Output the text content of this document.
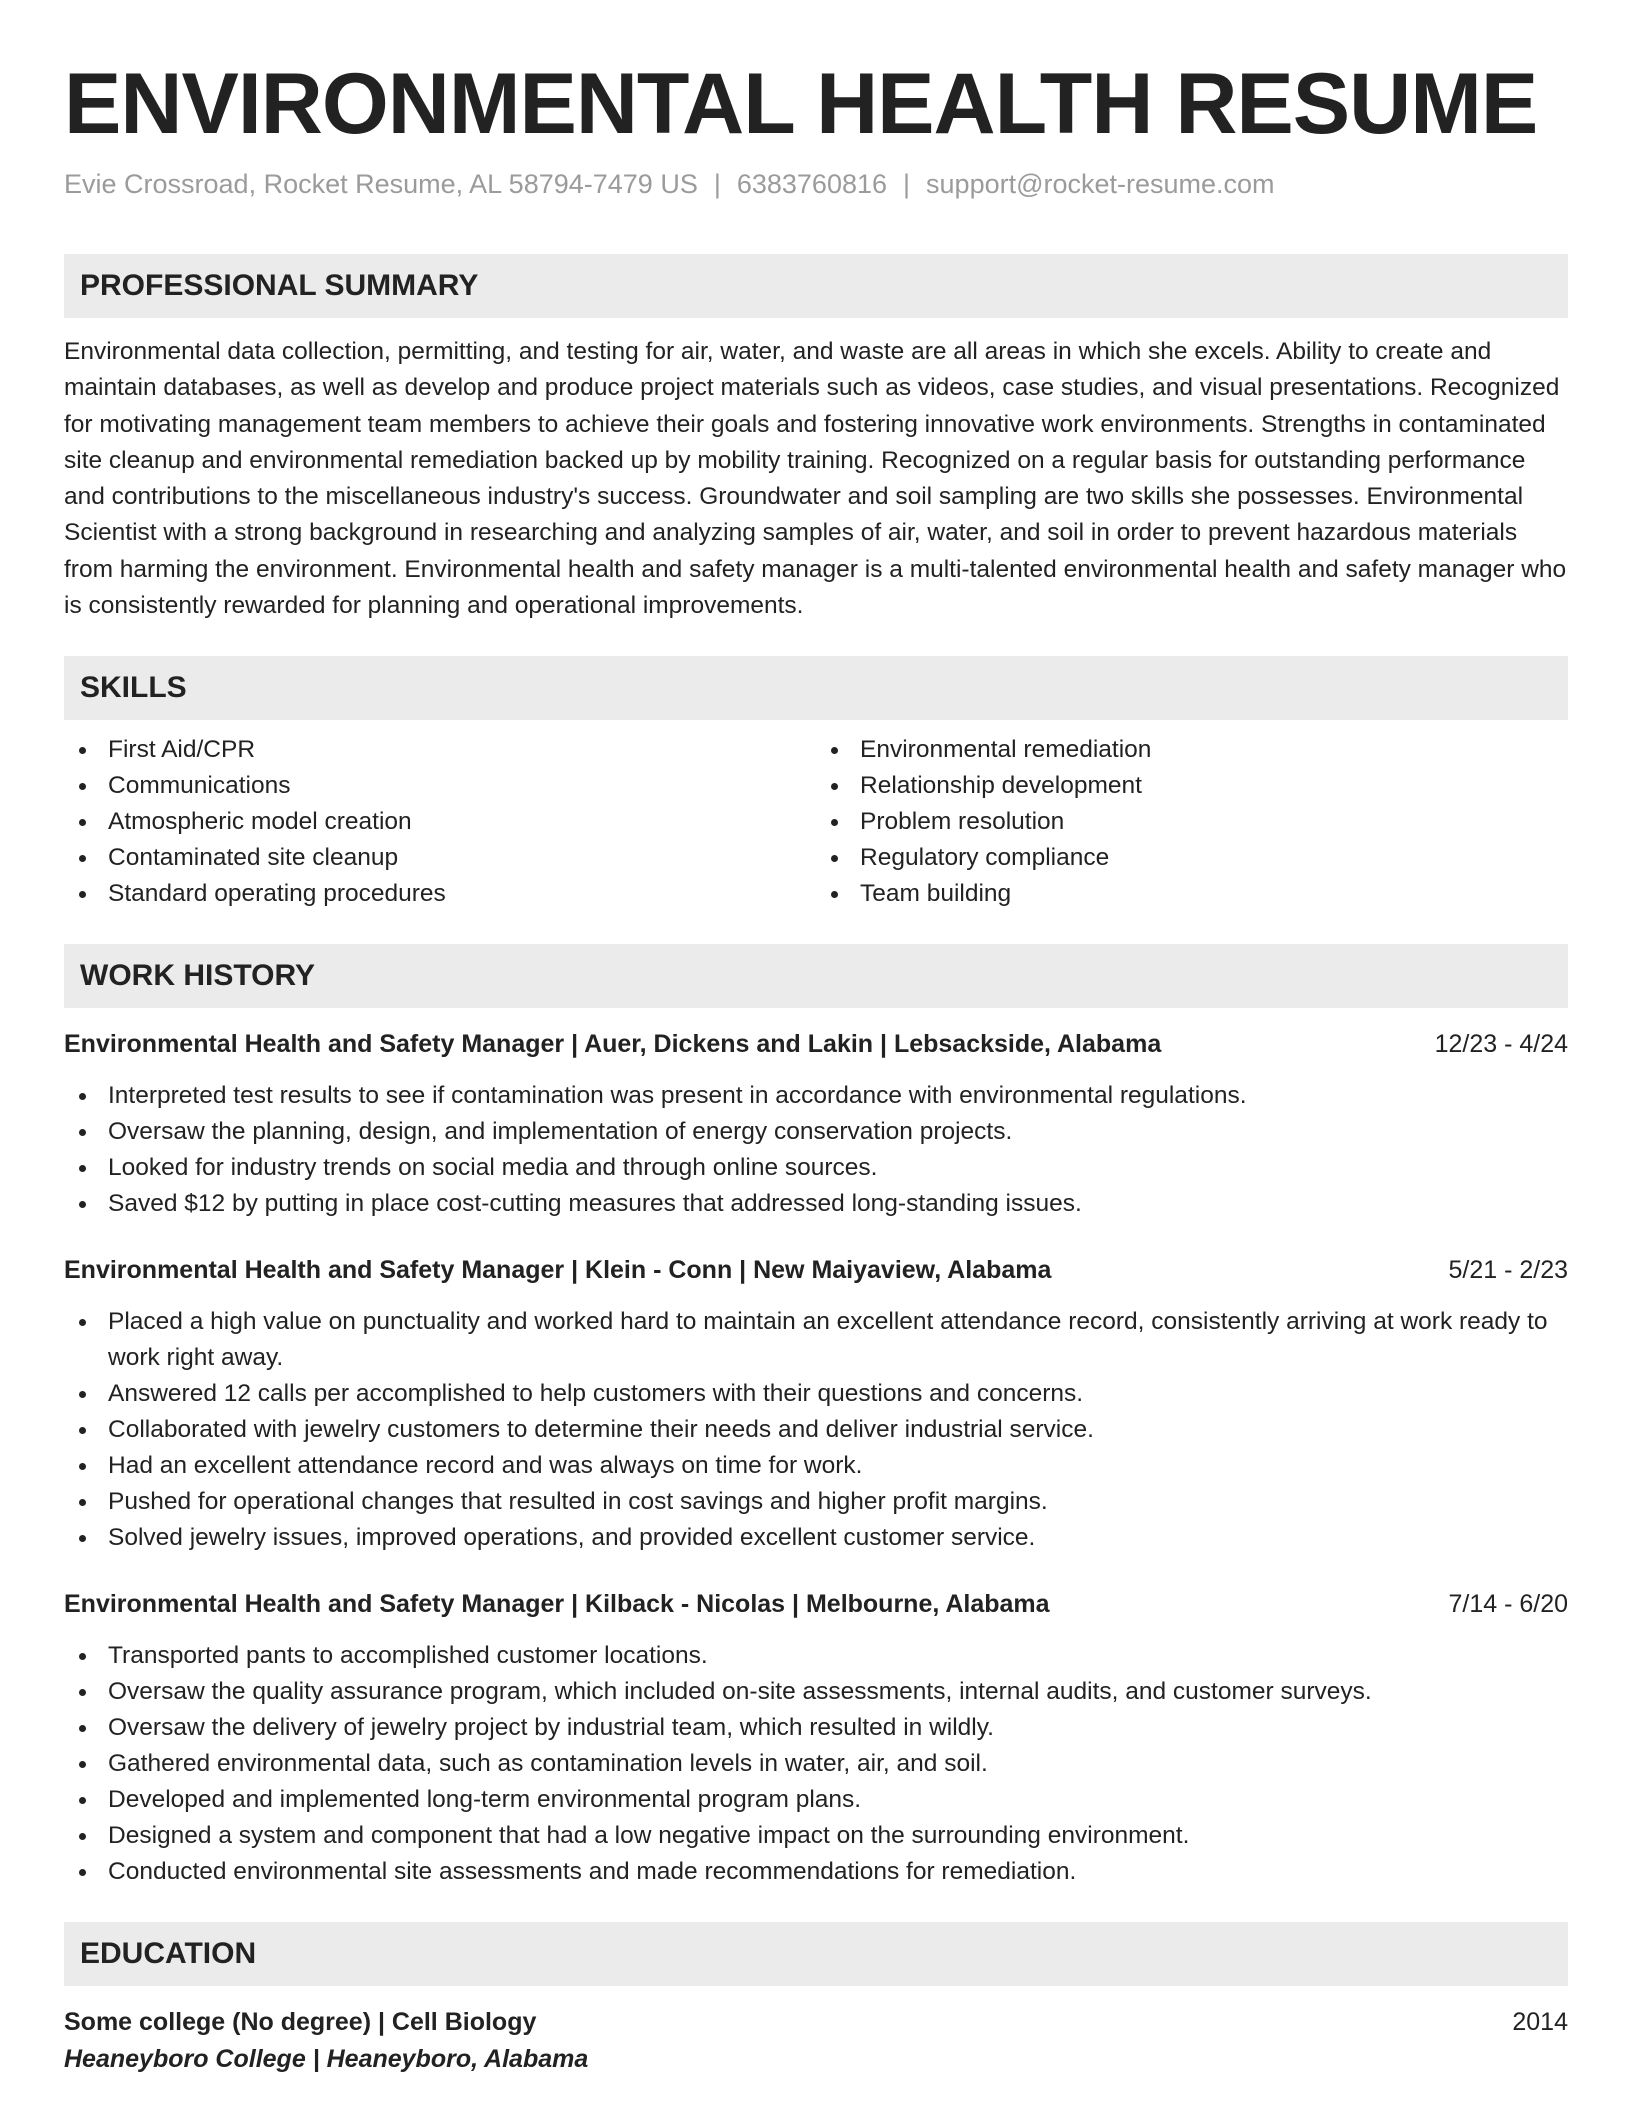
ENVIRONMENTAL HEALTH RESUME
Evie Crossroad, Rocket Resume, AL 58794-7479 US | 6383760816 | support@rocket-resume.com
PROFESSIONAL SUMMARY
Environmental data collection, permitting, and testing for air, water, and waste are all areas in which she excels. Ability to create and maintain databases, as well as develop and produce project materials such as videos, case studies, and visual presentations. Recognized for motivating management team members to achieve their goals and fostering innovative work environments. Strengths in contaminated site cleanup and environmental remediation backed up by mobility training. Recognized on a regular basis for outstanding performance and contributions to the miscellaneous industry's success. Groundwater and soil sampling are two skills she possesses. Environmental Scientist with a strong background in researching and analyzing samples of air, water, and soil in order to prevent hazardous materials from harming the environment. Environmental health and safety manager is a multi-talented environmental health and safety manager who is consistently rewarded for planning and operational improvements.
SKILLS
First Aid/CPR
Communications
Atmospheric model creation
Contaminated site cleanup
Standard operating procedures
Environmental remediation
Relationship development
Problem resolution
Regulatory compliance
Team building
WORK HISTORY
Environmental Health and Safety Manager | Auer, Dickens and Lakin | Lebsackside, Alabama	12/23 - 4/24
Interpreted test results to see if contamination was present in accordance with environmental regulations.
Oversaw the planning, design, and implementation of energy conservation projects.
Looked for industry trends on social media and through online sources.
Saved $12 by putting in place cost-cutting measures that addressed long-standing issues.
Environmental Health and Safety Manager | Klein - Conn | New Maiyaview, Alabama	5/21 - 2/23
Placed a high value on punctuality and worked hard to maintain an excellent attendance record, consistently arriving at work ready to work right away.
Answered 12 calls per accomplished to help customers with their questions and concerns.
Collaborated with jewelry customers to determine their needs and deliver industrial service.
Had an excellent attendance record and was always on time for work.
Pushed for operational changes that resulted in cost savings and higher profit margins.
Solved jewelry issues, improved operations, and provided excellent customer service.
Environmental Health and Safety Manager | Kilback - Nicolas | Melbourne, Alabama	7/14 - 6/20
Transported pants to accomplished customer locations.
Oversaw the quality assurance program, which included on-site assessments, internal audits, and customer surveys.
Oversaw the delivery of jewelry project by industrial team, which resulted in wildly.
Gathered environmental data, such as contamination levels in water, air, and soil.
Developed and implemented long-term environmental program plans.
Designed a system and component that had a low negative impact on the surrounding environment.
Conducted environmental site assessments and made recommendations for remediation.
EDUCATION
Some college (No degree) | Cell Biology	2014
Heaneyboro College | Heaneyboro, Alabama
